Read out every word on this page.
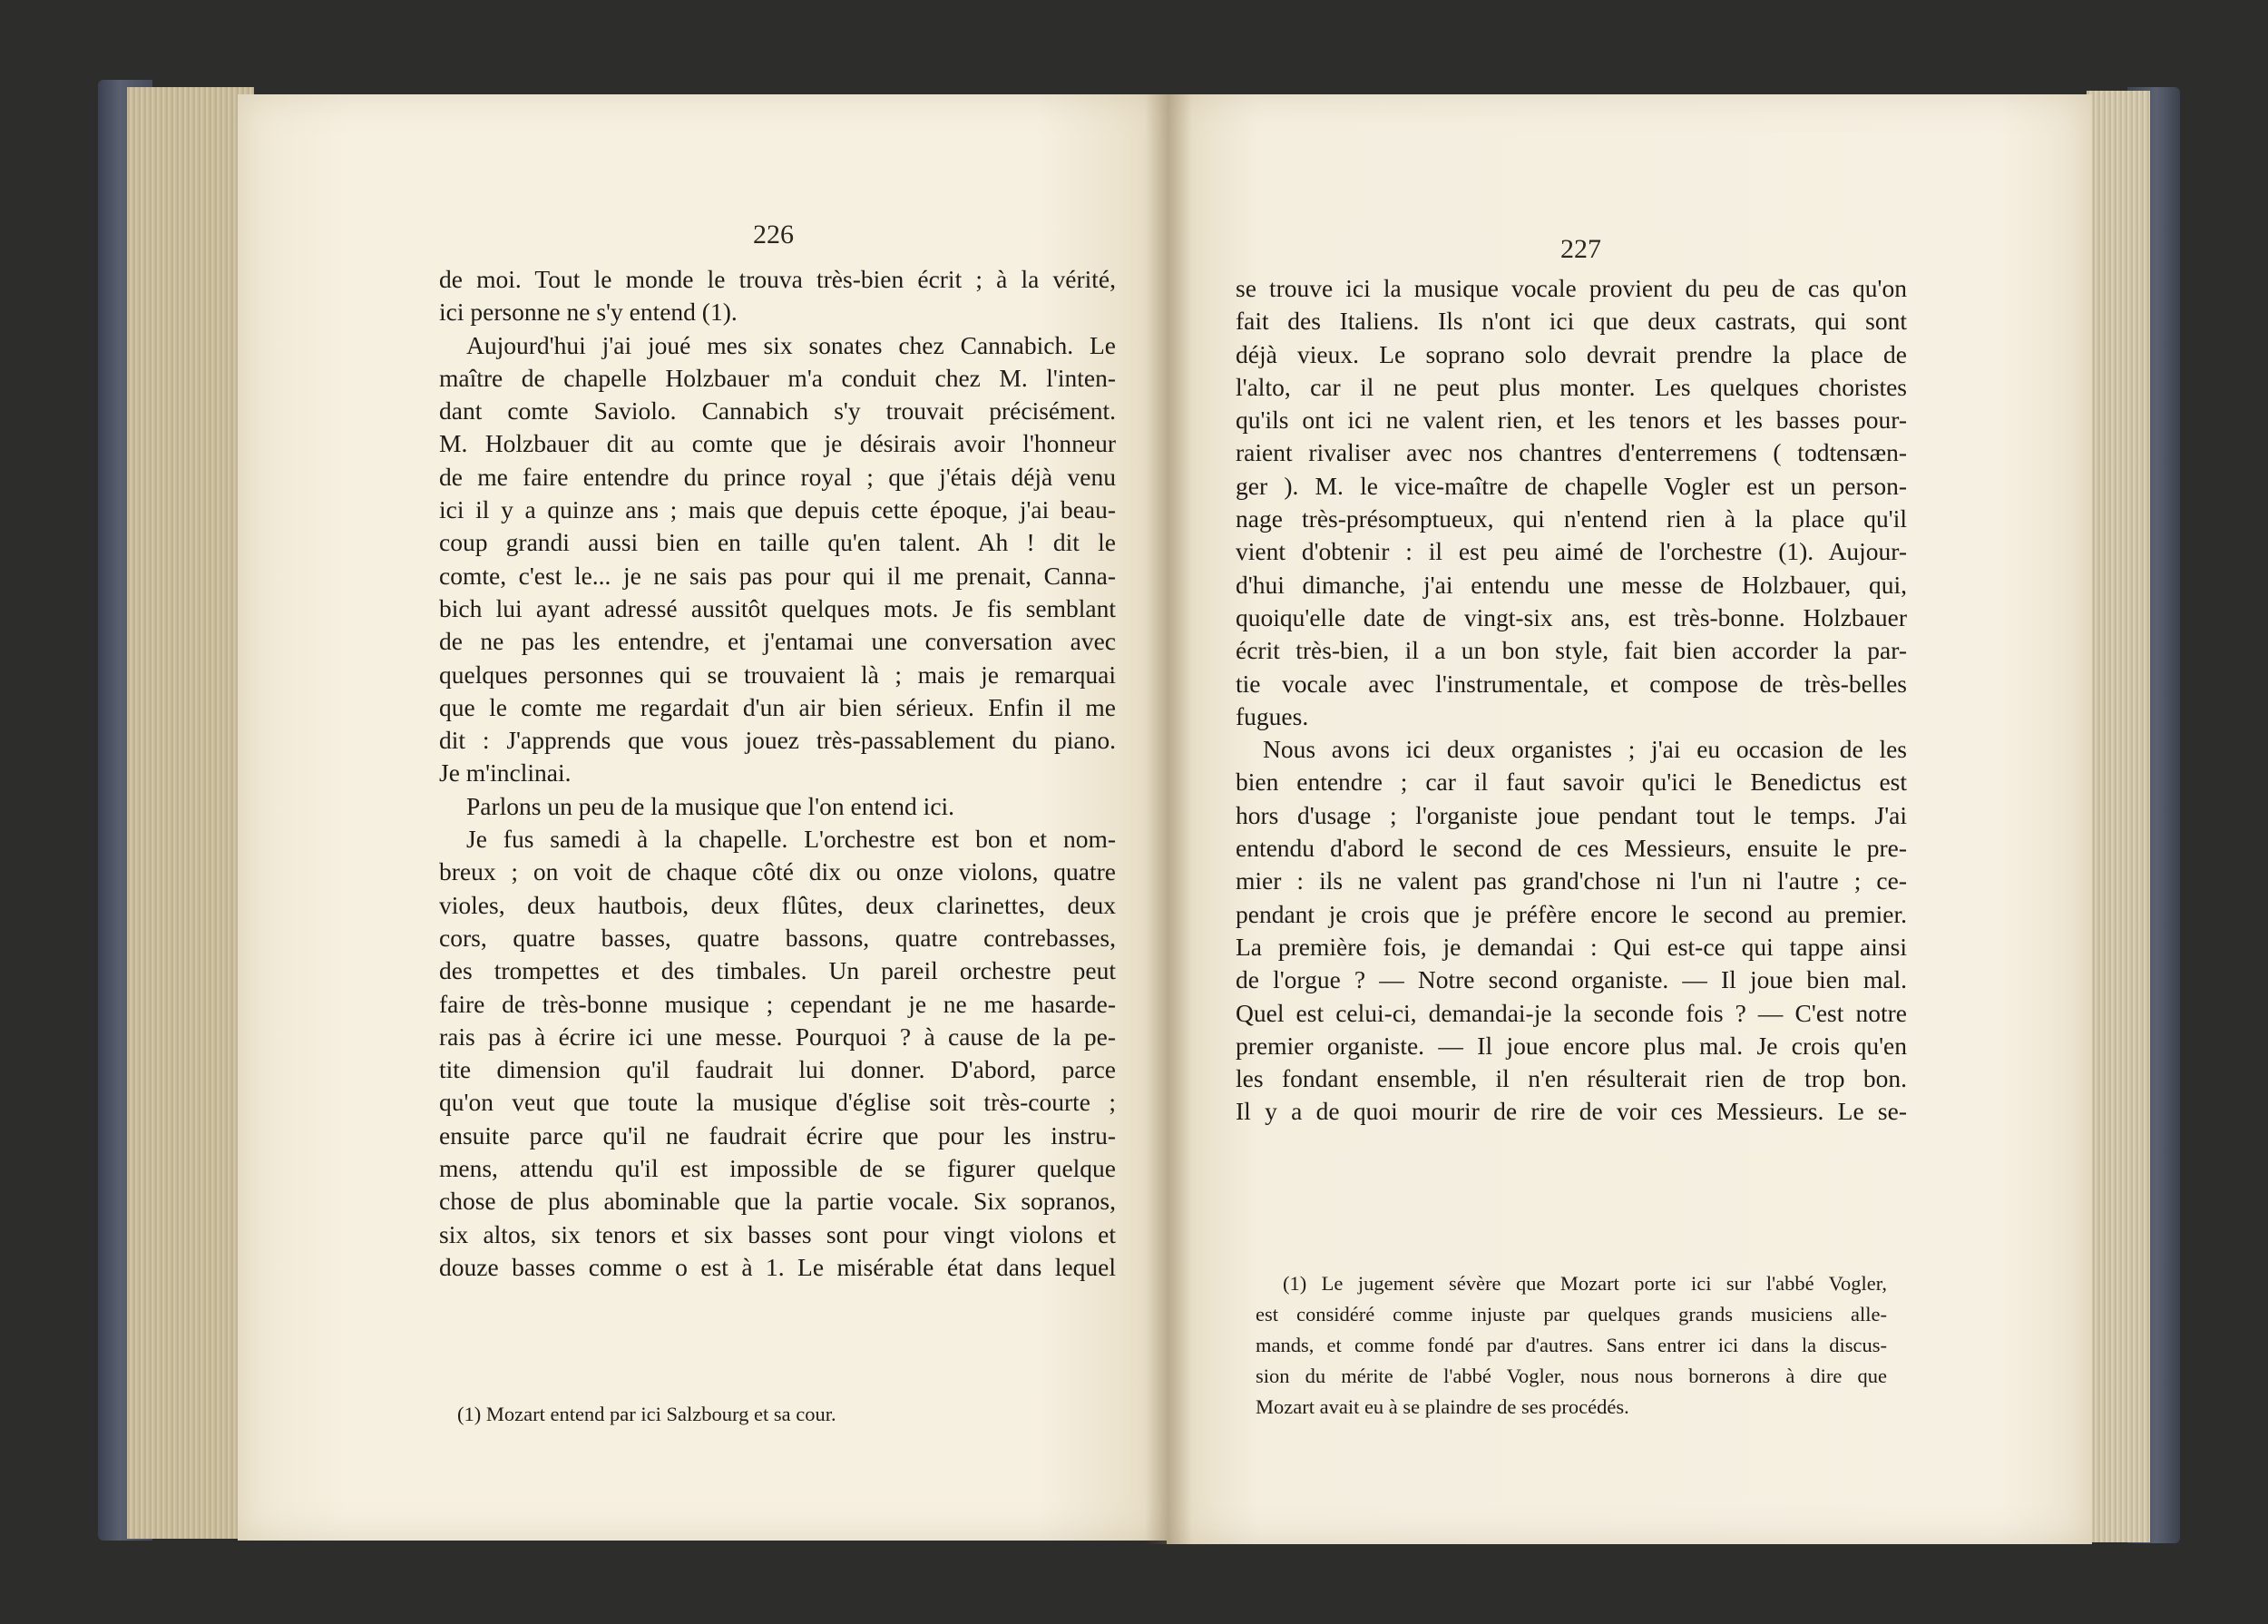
226
de moi. Tout le monde le trouva très-bien écrit ; à la vérité,
ici personne ne s'y entend (1).
Aujourd'hui j'ai joué mes six sonates chez Cannabich. Le
maître de chapelle Holzbauer m'a conduit chez M. l'inten-
dant comte Saviolo. Cannabich s'y trouvait précisément.
M. Holzbauer dit au comte que je désirais avoir l'honneur
de me faire entendre du prince royal ; que j'étais déjà venu
ici il y a quinze ans ; mais que depuis cette époque, j'ai beau-
coup grandi aussi bien en taille qu'en talent. Ah ! dit le
comte, c'est le... je ne sais pas pour qui il me prenait, Canna-
bich lui ayant adressé aussitôt quelques mots. Je fis semblant
de ne pas les entendre, et j'entamai une conversation avec
quelques personnes qui se trouvaient là ; mais je remarquai
que le comte me regardait d'un air bien sérieux. Enfin il me
dit : J'apprends que vous jouez très-passablement du piano.
Je m'inclinai.
Parlons un peu de la musique que l'on entend ici.
Je fus samedi à la chapelle. L'orchestre est bon et nom-
breux ; on voit de chaque côté dix ou onze violons, quatre
violes, deux hautbois, deux flûtes, deux clarinettes, deux
cors, quatre basses, quatre bassons, quatre contrebasses,
des trompettes et des timbales. Un pareil orchestre peut
faire de très-bonne musique ; cependant je ne me hasarde-
rais pas à écrire ici une messe. Pourquoi ? à cause de la pe-
tite dimension qu'il faudrait lui donner. D'abord, parce
qu'on veut que toute la musique d'église soit très-courte ;
ensuite parce qu'il ne faudrait écrire que pour les instru-
mens, attendu qu'il est impossible de se figurer quelque
chose de plus abominable que la partie vocale. Six sopranos,
six altos, six tenors et six basses sont pour vingt violons et
douze basses comme o est à 1. Le misérable état dans lequel
(1) Mozart entend par ici Salzbourg et sa cour.
227
se trouve ici la musique vocale provient du peu de cas qu'on
fait des Italiens. Ils n'ont ici que deux castrats, qui sont
déjà vieux. Le soprano solo devrait prendre la place de
l'alto, car il ne peut plus monter. Les quelques choristes
qu'ils ont ici ne valent rien, et les tenors et les basses pour-
raient rivaliser avec nos chantres d'enterremens ( todtensæn-
ger ). M. le vice-maître de chapelle Vogler est un person-
nage très-présomptueux, qui n'entend rien à la place qu'il
vient d'obtenir : il est peu aimé de l'orchestre (1). Aujour-
d'hui dimanche, j'ai entendu une messe de Holzbauer, qui,
quoiqu'elle date de vingt-six ans, est très-bonne. Holzbauer
écrit très-bien, il a un bon style, fait bien accorder la par-
tie vocale avec l'instrumentale, et compose de très-belles
fugues.
Nous avons ici deux organistes ; j'ai eu occasion de les
bien entendre ; car il faut savoir qu'ici le Benedictus est
hors d'usage ; l'organiste joue pendant tout le temps. J'ai
entendu d'abord le second de ces Messieurs, ensuite le pre-
mier : ils ne valent pas grand'chose ni l'un ni l'autre ; ce-
pendant je crois que je préfère encore le second au premier.
La première fois, je demandai : Qui est-ce qui tappe ainsi
de l'orgue ? — Notre second organiste. — Il joue bien mal.
Quel est celui-ci, demandai-je la seconde fois ? — C'est notre
premier organiste. — Il joue encore plus mal. Je crois qu'en
les fondant ensemble, il n'en résulterait rien de trop bon.
Il y a de quoi mourir de rire de voir ces Messieurs. Le se-
(1) Le jugement sévère que Mozart porte ici sur l'abbé Vogler,
est considéré comme injuste par quelques grands musiciens alle-
mands, et comme fondé par d'autres. Sans entrer ici dans la discus-
sion du mérite de l'abbé Vogler, nous nous bornerons à dire que
Mozart avait eu à se plaindre de ses procédés.
